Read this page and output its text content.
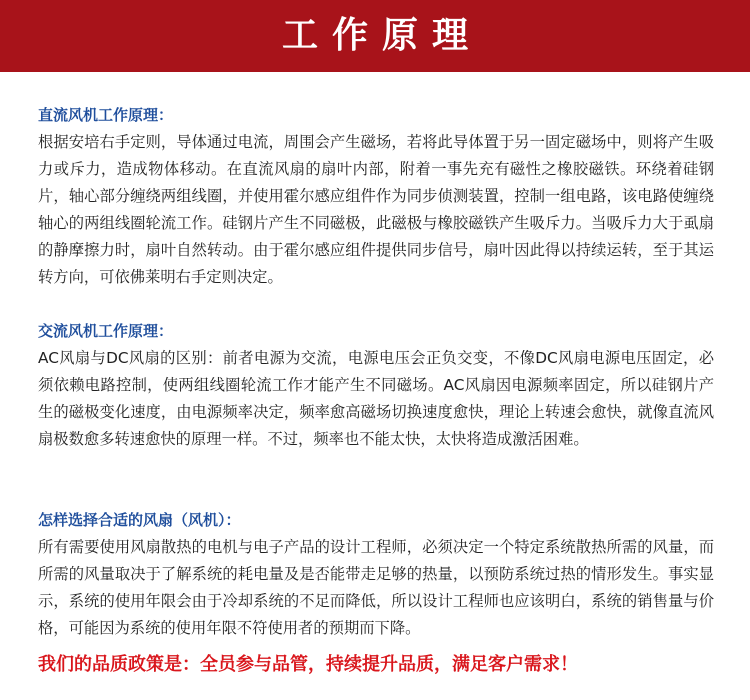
工作原理
直流风机工作原理：

根据安培右手定则，导体通过电流，周围会产生磁场，若将此导体置于另一固定磁场中，则将产生吸力或斥力，造成物体移动。在直流风扇的扇叶内部，附着一事先充有磁性之橡胶磁铁。环绕着硅钢片，轴心部分缠绕两组线圈，并使用霍尔感应组件作为同步侦测装置，控制一组电路，该电路使缠绕轴心的两组线圈轮流工作。硅钢片产生不同磁极，此磁极与橡胶磁铁产生吸斥力。当吸斥力大于虱扇的静摩擦力时，扇叶自然转动。由于霍尔感应组件提供同步信号，扇叶因此得以持续运转，至于其运转方向，可依佛莱明右手定则决定。

交流风机工作原理：

AC风扇与DC风扇的区别：前者电源为交流，电源电压会正负交变，不像DC风扇电源电压固定，必须依赖电路控制，使两组线圈轮流工作才能产生不同磁场。AC风扇因电源频率固定，所以硅钢片产生的磁极变化速度，由电源频率决定，频率愈高磁场切换速度愈快，理论上转速会愈快，就像直流风扇极数愈多转速愈快的原理一样。不过，频率也不能太快，太快将造成激活困难。

怎样选择合适的风扇（风机）：

所有需要使用风扇散热的电机与电子产品的设计工程师，必须决定一个特定系统散热所需的风量，而所需的风量取决于了解系统的耗电量及是否能带走足够的热量，以预防系统过热的情形发生。事实显示，系统的使用年限会由于冷却系统的不足而降低，所以设计工程师也应该明白，系统的销售量与价格，可能因为系统的使用年限不符使用者的预期而下降。

我们的品质政策是：全员参与品管，持续提升品质，满足客户需求！
